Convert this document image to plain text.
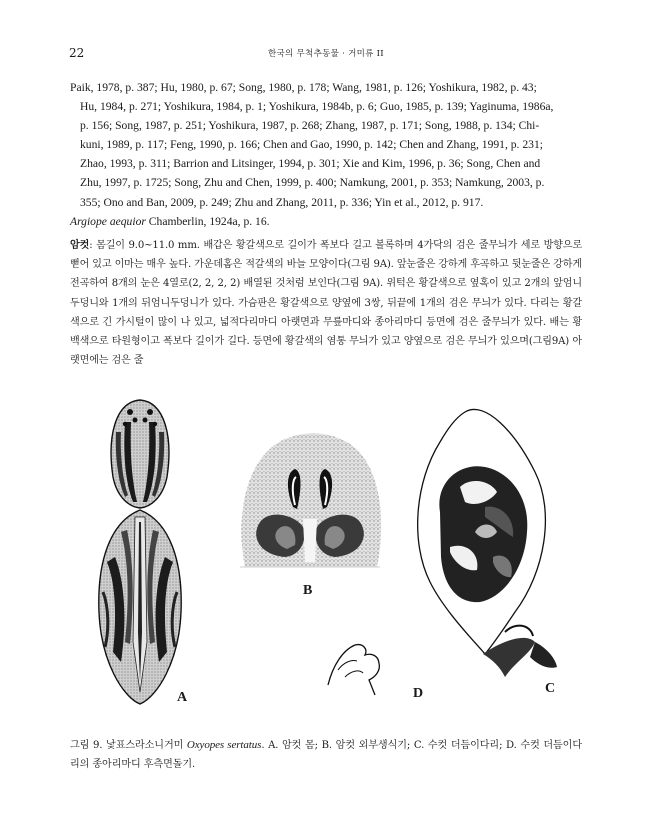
22	한국의 무척추동물 · 거미류 II
Paik, 1978, p. 387; Hu, 1980, p. 67; Song, 1980, p. 178; Wang, 1981, p. 126; Yoshikura, 1982, p. 43;
Hu, 1984, p. 271; Yoshikura, 1984, p. 1; Yoshikura, 1984b, p. 6; Guo, 1985, p. 139; Yaginuma, 1986a,
p. 156; Song, 1987, p. 251; Yoshikura, 1987, p. 268; Zhang, 1987, p. 171; Song, 1988, p. 134; Chi-
kuni, 1989, p. 117; Feng, 1990, p. 166; Chen and Gao, 1990, p. 142; Chen and Zhang, 1991, p. 231;
Zhao, 1993, p. 311; Barrion and Litsinger, 1994, p. 301; Xie and Kim, 1996, p. 36; Song, Chen and
Zhu, 1997, p. 1725; Song, Zhu and Chen, 1999, p. 400; Namkung, 2001, p. 353; Namkung, 2003, p.
355; Ono and Ban, 2009, p. 249; Zhu and Zhang, 2011, p. 336; Yin et al., 2012, p. 917.
Argiope aequior Chamberlin, 1924a, p. 16.
암컷: 몸길이 9.0~11.0 mm. 배갑은 황갈색으로 길이가 폭보다 길고 볼록하며 4가닥의 검은 줄무늬가 세로 방향으로 뻗어 있고 이마는 매우 높다. 가운데홈은 적갈색의 바늘 모양이다(그림 9A). 앞눈줄은 강하게 후곡하고 뒷눈줄은 강하게 전곡하여 8개의 눈은 4열로(2, 2, 2, 2) 배열된 것처럼 보인다(그림 9A). 위턱은 황갈색으로 옆혹이 있고 2개의 앞엄니두덩니와 1개의 뒤엄니두덩니가 있다. 가슴판은 황갈색으로 양옆에 3쌍, 뒤끝에 1개의 검은 무늬가 있다. 다리는 황갈색으로 긴 가시털이 많이 나 있고, 넓적다리마디 아랫면과 무릎마디와 종아리마디 등면에 검은 줄무늬가 있다. 배는 황백색으로 타원형이고 폭보다 길이가 길다. 등면에 황갈색의 염통 무늬가 있고 양옆으로 검은 무늬가 있으며(그림9A) 아랫면에는 검은 줄
A
B
C
D
그림 9. 낯표스라소니거미 Oxyopes sertatus. A. 암컷 몸; B. 암컷 외부생식기; C. 수컷 더듬이다리; D. 수컷 더듬이다리의 종아리마디 후측면돌기.
